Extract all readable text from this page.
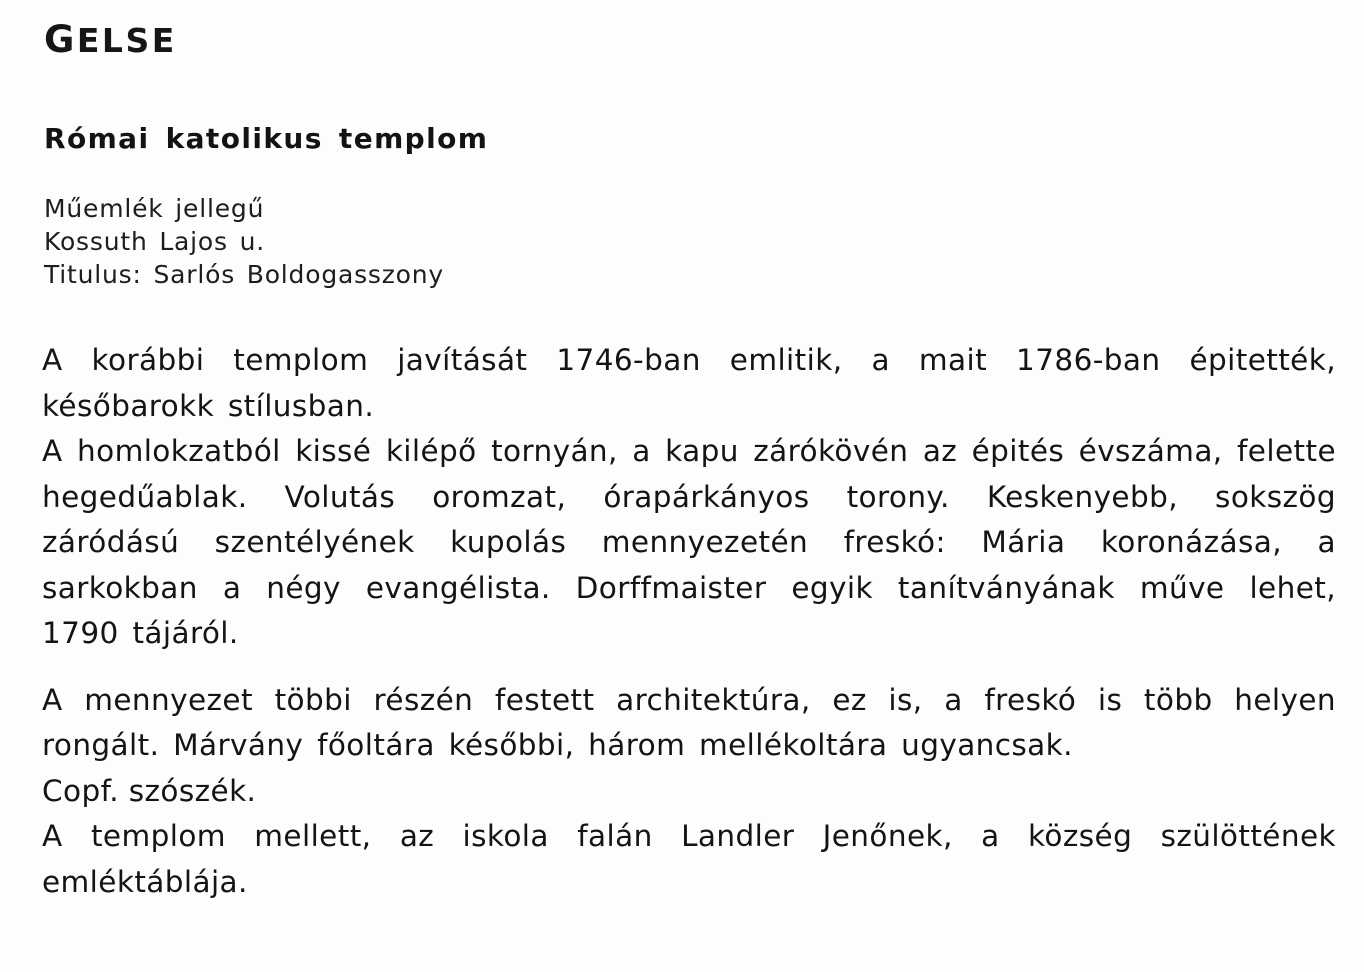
GELSE
Római katolikus templom
Műemlék jellegű
Kossuth Lajos u.
Titulus: Sarlós Boldogasszony

A korábbi templom javítását 1746-ban emlitik, a mait 1786-ban épitették, későbarokk stílusban.

A homlokzatból kissé kilépő tornyán, a kapu zárókövén az épités évszáma, felette hegedűablak. Volutás oromzat, órapárkányos torony. Keskenyebb, sokszög záródású szentélyének kupolás mennyezetén freskó: Mária koronázása, a sarkokban a négy evangélista. Dorffmaister egyik tanítványának műve lehet, 1790 tájáról.

A mennyezet többi részén festett architektúra, ez is, a freskó is több helyen rongált. Márvány főoltára későbbi, három mellékoltára ugyancsak.

Copf. szószék.

A templom mellett, az iskola falán Landler Jenőnek, a község szülöttének emléktáblája.
